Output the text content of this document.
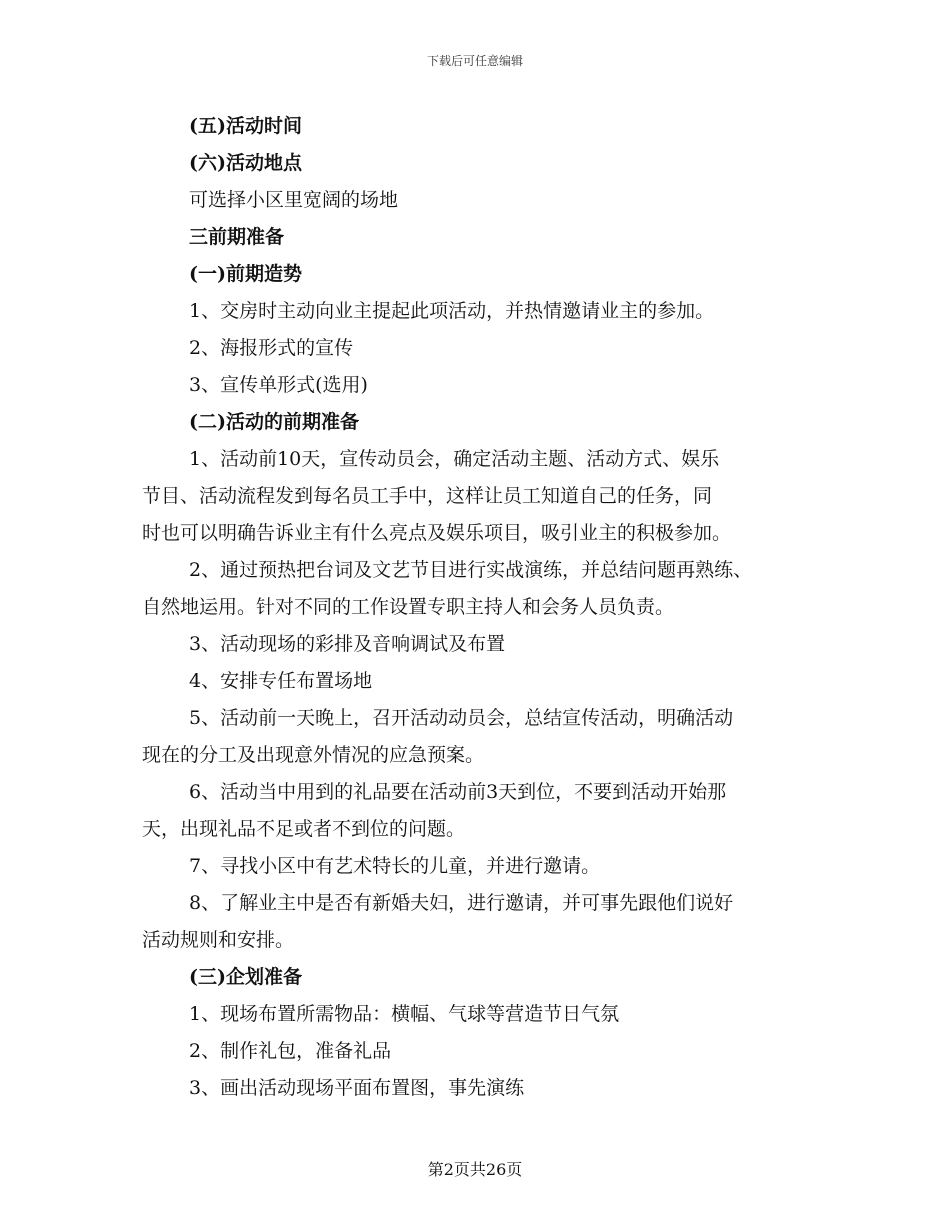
下载后可任意编辑

(五)活动时间

(六)活动地点

可选择小区里宽阔的场地

三前期准备

(一)前期造势

1、交房时主动向业主提起此项活动，并热情邀请业主的参加。

2、海报形式的宣传

3、宣传单形式(选用)

(二)活动的前期准备

1、活动前10天，宣传动员会，确定活动主题、活动方式、娱乐

节目、活动流程发到每名员工手中，这样让员工知道自己的任务，同

时也可以明确告诉业主有什么亮点及娱乐项目，吸引业主的积极参加。

2、通过预热把台词及文艺节目进行实战演练，并总结问题再熟练、

自然地运用。针对不同的工作设置专职主持人和会务人员负责。

3、活动现场的彩排及音响调试及布置

4、安排专任布置场地

5、活动前一天晚上，召开活动动员会，总结宣传活动，明确活动

现在的分工及出现意外情况的应急预案。

6、活动当中用到的礼品要在活动前3天到位，不要到活动开始那

天，出现礼品不足或者不到位的问题。

7、寻找小区中有艺术特长的儿童，并进行邀请。

8、了解业主中是否有新婚夫妇，进行邀请，并可事先跟他们说好

活动规则和安排。

(三)企划准备

1、现场布置所需物品：横幅、气球等营造节日气氛

2、制作礼包，准备礼品

3、画出活动现场平面布置图，事先演练

第2页共26页
